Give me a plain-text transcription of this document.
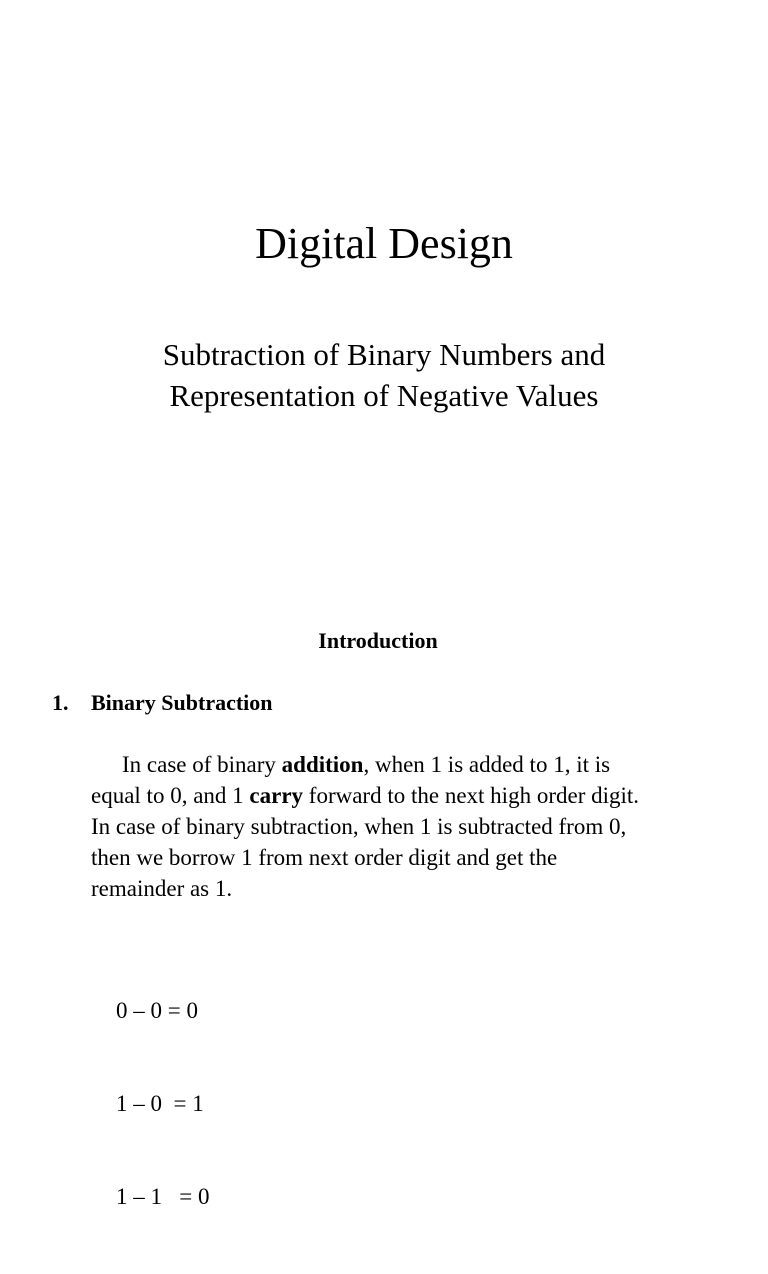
Digital Design
Subtraction of Binary Numbers and
Representation of Negative Values
Introduction
1. Binary Subtraction
In case of binary addition, when 1 is added to 1, it is
equal to 0, and 1 carry forward to the next high order digit.
In case of binary subtraction, when 1 is subtracted from 0,
then we borrow 1 from next order digit and get the
remainder as 1.

0 – 0 = 0

1 – 0  = 1

1 – 1   = 0
